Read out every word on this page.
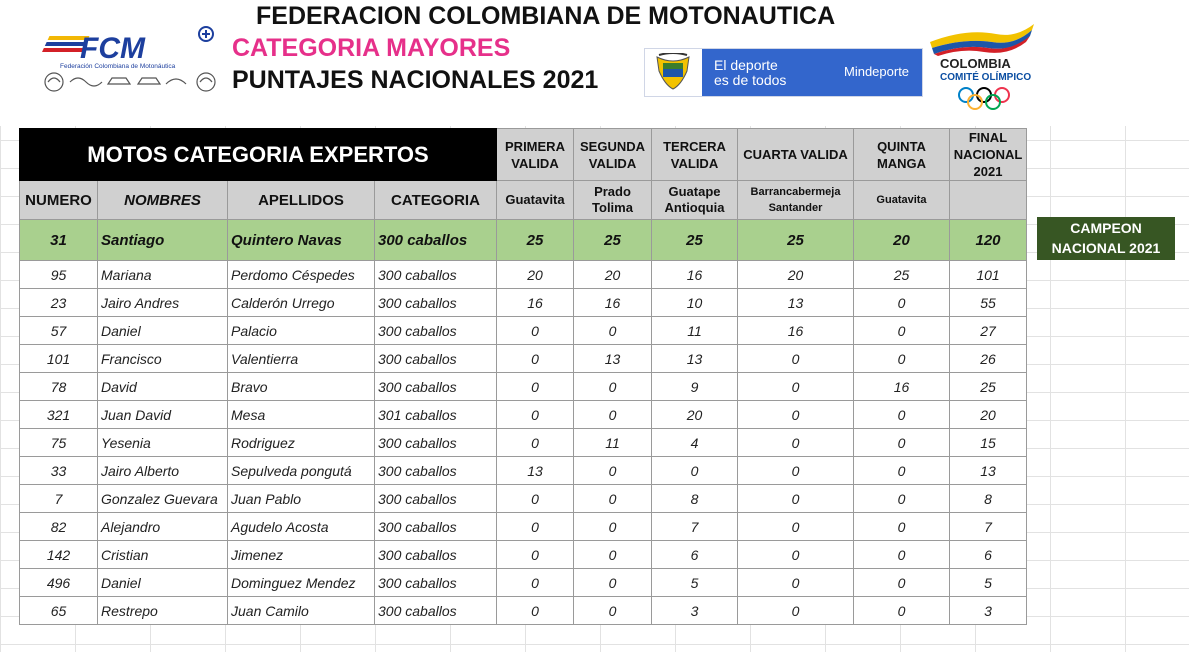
FCM
Federación Colombiana de Motonáutica
FEDERACION COLOMBIANA DE MOTONAUTICA
CATEGORIA MAYORES
PUNTAJES NACIONALES 2021
El deporte
es de todos
Mindeporte
COLOMBIA
COMITÉ OLÍMPICO
MOTOS CATEGORIA EXPERTOS				PRIMERA VALIDA	SEGUNDA VALIDA	TERCERA VALIDA	CUARTA VALIDA	QUINTA MANGA	FINAL NACIONAL 2021
NUMERO	NOMBRES	APELLIDOS	CATEGORIA	Guatavita	Prado Tolima	Guatape Antioquia	Barrancabermeja Santander	Guatavita	
31	Santiago	Quintero Navas	300 caballos	25	25	25	25	20	120
95	Mariana	Perdomo Céspedes	300 caballos	20	20	16	20	25	101
23	Jairo Andres	Calderón Urrego	300 caballos	16	16	10	13	0	55
57	Daniel	Palacio	300 caballos	0	0	11	16	0	27
101	Francisco	Valentierra	300 caballos	0	13	13	0	0	26
78	David	Bravo	300 caballos	0	0	9	0	16	25
321	Juan David	Mesa	301 caballos	0	0	20	0	0	20
75	Yesenia	Rodriguez	300 caballos	0	11	4	0	0	15
33	Jairo Alberto	Sepulveda pongutá	300 caballos	13	0	0	0	0	13
7	Gonzalez Guevara	Juan Pablo	300 caballos	0	0	8	0	0	8
82	Alejandro	Agudelo Acosta	300 caballos	0	0	7	0	0	7
142	Cristian	Jimenez	300 caballos	0	0	6	0	0	6
496	Daniel	Dominguez Mendez	300 caballos	0	0	5	0	0	5
65	Restrepo	Juan Camilo	300 caballos	0	0	3	0	0	3
CAMPEON
NACIONAL 2021
